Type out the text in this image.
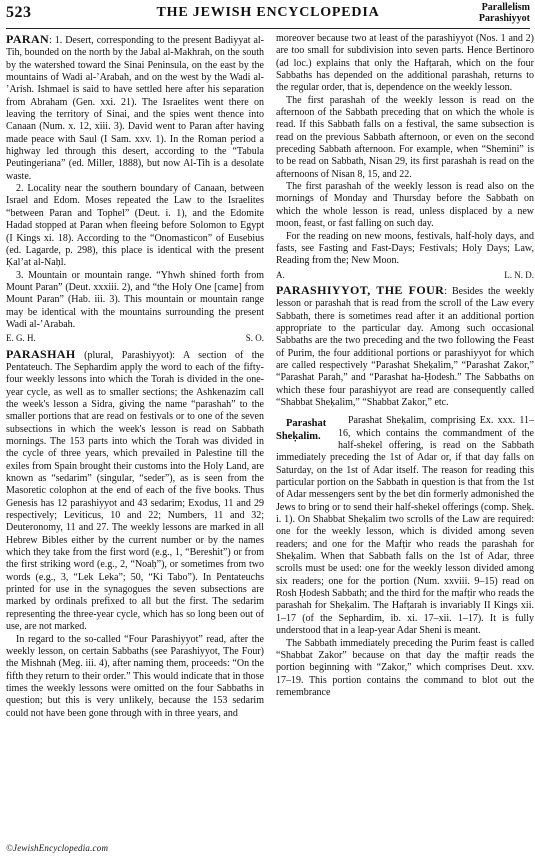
523	THE JEWISH ENCYCLOPEDIA	Parallelism
Parashiyyot

PARAN: 1. Desert, corresponding to the present Badiyyat al-Tih, bounded on the north by the Jabal al-Makhrah, on the south by the watershed toward the Sinai Peninsula, on the east by the mountains of Wadi al-ʼArabah, and on the west by the Wadi al-ʼArish. Ishmael is said to have settled here after his separation from Abraham (Gen. xxi. 21). The Israelites went there on leaving the territory of Sinai, and the spies went thence into Canaan (Num. x. 12, xiii. 3). David went to Paran after having made peace with Saul (I Sam. xxv. 1). In the Roman period a highway led through this desert, according to the “Tabula Peutingeriana” (ed. Miller, 1888), but now Al-Tih is a desolate waste.

2. Locality near the southern boundary of Canaan, between Israel and Edom. Moses repeated the Law to the Israelites “between Paran and Tophel” (Deut. i. 1), and the Edomite Hadad stopped at Paran when fleeing before Solomon to Egypt (I Kings xi. 18). According to the “Onomasticon” of Eusebius (ed. Lagarde, p. 298), this place is identical with the present Ḳalʼat al-Naḥl.

3. Mountain or mountain range. “Yhwh shined forth from Mount Paran” (Deut. xxxiii. 2), and “the Holy One [came] from Mount Paran” (Hab. iii. 3). This mountain or mountain range may be identical with the mountains surrounding the present Wadi al-ʼArabah.

E. G. H.	S. O.

PARASHAH (plural, Parashiyyot): A section of the Pentateuch. The Sephardim apply the word to each of the fifty-four weekly lessons into which the Torah is divided in the one-year cycle, as well as to smaller sections; the Ashkenazim call the week's lesson a Sidra, giving the name “parashah” to the smaller portions that are read on festivals or to one of the seven subsections in which the week's lesson is read on Sabbath mornings. The 153 parts into which the Torah was divided in the cycle of three years, which prevailed in Palestine till the exiles from Spain brought their customs into the Holy Land, are known as “sedarim” (singular, “seder”), as is seen from the Masoretic colophon at the end of each of the five books. Thus Genesis has 12 parashiyyot and 43 sedarim; Exodus, 11 and 29 respectively; Leviticus, 10 and 22; Numbers, 11 and 32; Deuteronomy, 11 and 27. The weekly lessons are marked in all Hebrew Bibles either by the current number or by the names which they take from the first word (e.g., 1, “Bereshit”) or from the first striking word (e.g., 2, “Noaḥ”), or sometimes from two words (e.g., 3, “Lek Leka”; 50, “Ki Tabo”). In Pentateuchs printed for use in the synagogues the seven subsections are marked by ordinals prefixed to all but the first. The sedarim representing the three-year cycle, which has so long been out of use, are not marked.

In regard to the so-called “Four Parashiyyot” read, after the weekly lesson, on certain Sabbaths (see Parashiyyot, The Four) the Mishnah (Meg. iii. 4), after naming them, proceeds: “On the fifth they return to their order.” This would indicate that in those times the weekly lessons were omitted on the four Sabbaths in question; but this is very unlikely, because the 153 sedarim could not have been gone through with in three years, and

moreover because two at least of the parashiyyot (Nos. 1 and 2) are too small for subdivision into seven parts. Hence Bertinoro (ad loc.) explains that only the Hafṭarah, which on the four Sabbaths has depended on the additional parashah, returns to the regular order, that is, dependence on the weekly lesson.

The first parashah of the weekly lesson is read on the afternoon of the Sabbath preceding that on which the whole is read. If this Sabbath falls on a festival, the same subsection is read on the previous Sabbath afternoon, or even on the second preceding Sabbath afternoon. For example, when “Shemini” is to be read on Sabbath, Nisan 29, its first parashah is read on the afternoons of Nisan 8, 15, and 22.

The first parashah of the weekly lesson is read also on the mornings of Monday and Thursday before the Sabbath on which the whole lesson is read, unless displaced by a new moon, feast, or fast falling on such day.

For the reading on new moons, festivals, half-holy days, and fasts, see Fasting and Fast-Days; Festivals; Holy Days; Law, Reading from the; New Moon.

A.	L. N. D.

PARASHIYYOT, THE FOUR: Besides the weekly lesson or parashah that is read from the scroll of the Law every Sabbath, there is sometimes read after it an additional portion appropriate to the particular day. Among such occasional Sabbaths are the two preceding and the two following the Feast of Purim, the four additional portions or parashiyyot for which are called respectively “Parashat Sheḳalim,” “Parashat Zakor,” “Parashat Parah,” and “Parashat ha-Ḥodesh.” The Sabbaths on which these four parashiyyot are read are consequently called “Shabbat Sheḳalim,” “Shabbat Zakor,” etc.

Parashat Sheḳalim.
Parashat Sheḳalim, comprising Ex. xxx. 11–16, which contains the commandment of the half-shekel offering, is read on the Sabbath immediately preceding the 1st of Adar or, if that day falls on Saturday, on the 1st of Adar itself. The reason for reading this particular portion on the Sabbath in question is that from the 1st of Adar messengers sent by the bet din formerly admonished the Jews to bring or to send their half-shekel offerings (comp. Sheḳ. i. 1). On Shabbat Sheḳalim two scrolls of the Law are required: one for the weekly lesson, which is divided among seven readers; and one for the Mafṭir who reads the parashah for Sheḳalim. When that Sabbath falls on the 1st of Adar, three scrolls must be used: one for the weekly lesson divided among six readers; one for the portion (Num. xxviii. 9–15) read on Rosh Ḥodesh Sabbath; and the third for the mafṭir who reads the parashah for Sheḳalim. The Hafṭarah is invariably II Kings xii. 1–17 (of the Sephardim, ib. xi. 17–xii. 1–17). It is fully understood that in a leap-year Adar Sheni is meant.

The Sabbath immediately preceding the Purim feast is called “Shabbat Zakor” because on that day the mafṭir reads the portion beginning with “Zakor,” which comprises Deut. xxv. 17–19. This portion contains the command to blot out the remembrance

©JewishEncyclopedia.com
